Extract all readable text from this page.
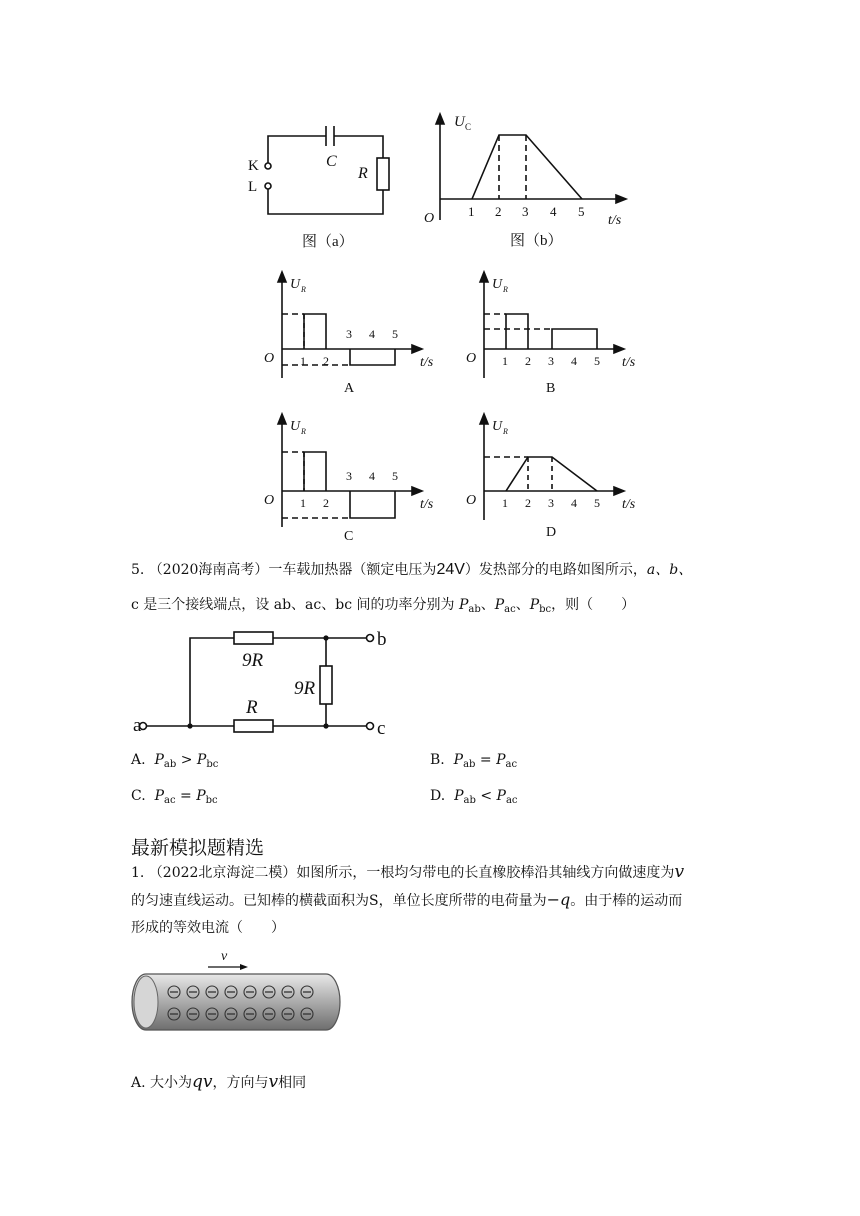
K
L
C
R
图（a）
U C
O	1 2 3 4 5
t/s
图（b）
U R
O 1 2
3 4 5
t/s
A
U R
O 1 2 3 4 5 t/s
B
U R
O 1 2
3 4 5
t/s
C
U R
O 1 2 3 4 5 t/s
D
5. （2020海南高考）一车载加热器（额定电压为24V）发热部分的电路如图所示，a、b、
c 是三个接线端点，设 ab、ac、bc 间的功率分别为 $P_{ab}$、$P_{ac}$、$P_{bc}$，则（　　）
a
b
c
9R
9R
R
A. $P_{ab} > P_{bc}$	B. $P_{ab} = P_{ac}$
C. $P_{ac} = P_{bc}$	D. $P_{ab} < P_{ac}$
最新模拟题精选
1. （2022北京海淀二模）如图所示，一根均匀带电的长直橡胶棒沿其轴线方向做速度为v
的匀速直线运动。已知棒的横截面积为S，单位长度所带的电荷量为−q。由于棒的运动而
形成的等效电流（　　）
v
A. 大小为qv，方向与v相同
